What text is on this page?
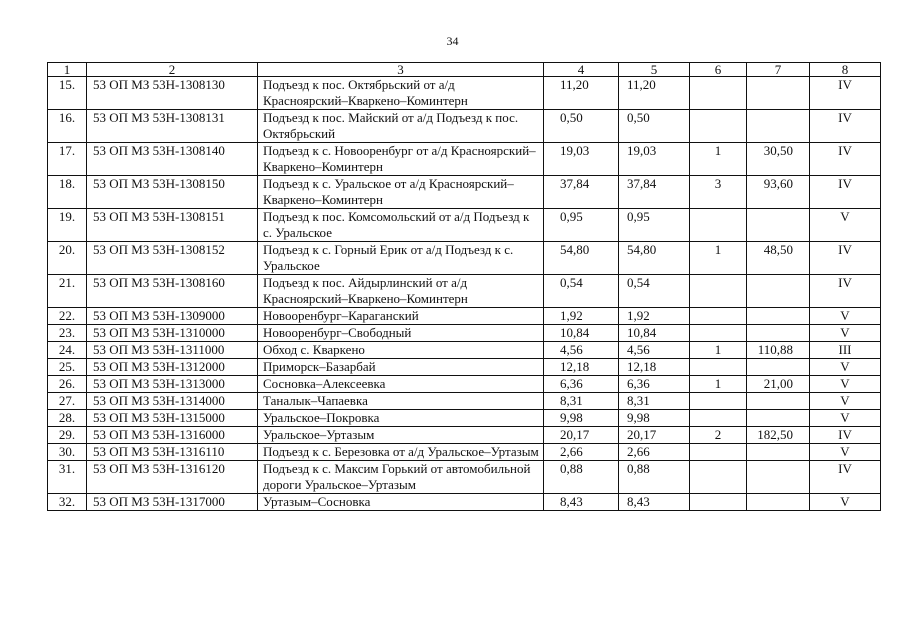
34
1	2	3	4	5	6	7	8
15.	53 ОП МЗ 53Н-1308130	Подъезд к пос. Октябрьский от а/д Красноярский–Кваркено–Коминтерн	11,20	11,20			IV
16.	53 ОП МЗ 53Н-1308131	Подъезд к пос. Майский от а/д Подъезд к пос. Октябрьский	0,50	0,50			IV
17.	53 ОП МЗ 53Н-1308140	Подъезд к с. Новооренбург от а/д Красноярский–Кваркено–Коминтерн	19,03	19,03	1	30,50	IV
18.	53 ОП МЗ 53Н-1308150	Подъезд к с. Уральское от а/д Красноярский–Кваркено–Коминтерн	37,84	37,84	3	93,60	IV
19.	53 ОП МЗ 53Н-1308151	Подъезд к пос. Комсомольский от а/д Подъезд к с. Уральское	0,95	0,95			V
20.	53 ОП МЗ 53Н-1308152	Подъезд к с. Горный Ерик от а/д Подъезд к с. Уральское	54,80	54,80	1	48,50	IV
21.	53 ОП МЗ 53Н-1308160	Подъезд к пос. Айдырлинский от а/д Красноярский–Кваркено–Коминтерн	0,54	0,54			IV
22.	53 ОП МЗ 53Н-1309000	Новооренбург–Караганский	1,92	1,92			V
23.	53 ОП МЗ 53Н-1310000	Новооренбург–Свободный	10,84	10,84			V
24.	53 ОП МЗ 53Н-1311000	Обход с. Кваркено	4,56	4,56	1	110,88	III
25.	53 ОП МЗ 53Н-1312000	Приморск–Базарбай	12,18	12,18			V
26.	53 ОП МЗ 53Н-1313000	Сосновка–Алексеевка	6,36	6,36	1	21,00	V
27.	53 ОП МЗ 53Н-1314000	Таналык–Чапаевка	8,31	8,31			V
28.	53 ОП МЗ 53Н-1315000	Уральское–Покровка	9,98	9,98			V
29.	53 ОП МЗ 53Н-1316000	Уральское–Уртазым	20,17	20,17	2	182,50	IV
30.	53 ОП МЗ 53Н-1316110	Подъезд к с. Березовка от а/д Уральское–Уртазым	2,66	2,66			V
31.	53 ОП МЗ 53Н-1316120	Подъезд к с. Максим Горький от автомобильной дороги Уральское–Уртазым	0,88	0,88			IV
32.	53 ОП МЗ 53Н-1317000	Уртазым–Сосновка	8,43	8,43			V
